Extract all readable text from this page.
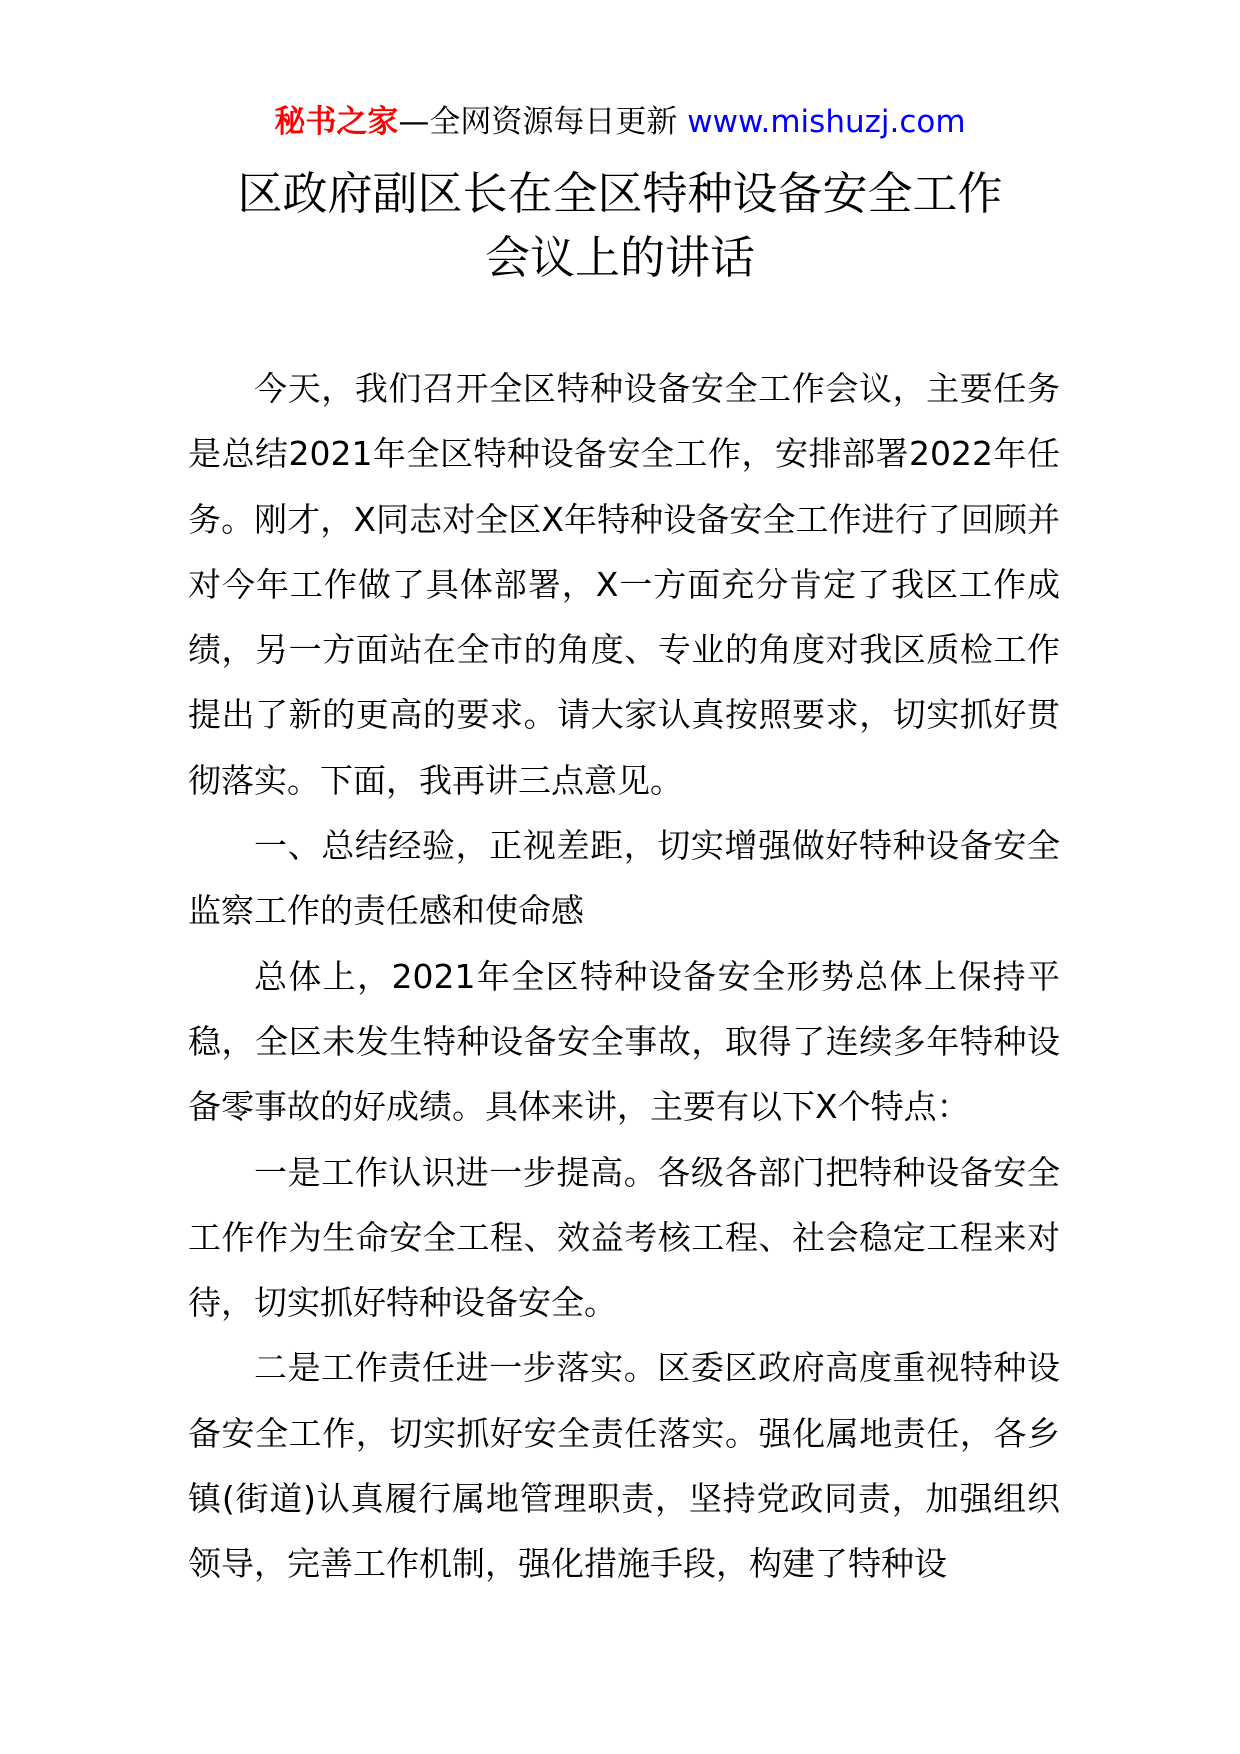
秘书之家—全网资源每日更新 www.mishuzj.com
区政府副区长在全区特种设备安全工作
会议上的讲话

今天，我们召开全区特种设备安全工作会议，主要任务是总结2021年全区特种设备安全工作，安排部署2022年任务。刚才，X同志对全区X年特种设备安全工作进行了回顾并对今年工作做了具体部署，X一方面充分肯定了我区工作成绩，另一方面站在全市的角度、专业的角度对我区质检工作提出了新的更高的要求。请大家认真按照要求，切实抓好贯彻落实。下面，我再讲三点意见。

一、总结经验，正视差距，切实增强做好特种设备安全监察工作的责任感和使命感

总体上，2021年全区特种设备安全形势总体上保持平稳，全区未发生特种设备安全事故，取得了连续多年特种设备零事故的好成绩。具体来讲，主要有以下X个特点：

一是工作认识进一步提高。各级各部门把特种设备安全工作作为生命安全工程、效益考核工程、社会稳定工程来对待，切实抓好特种设备安全。

二是工作责任进一步落实。区委区政府高度重视特种设备安全工作，切实抓好安全责任落实。强化属地责任，各乡镇(街道)认真履行属地管理职责，坚持党政同责，加强组织领导，完善工作机制，强化措施手段，构建了特种设
